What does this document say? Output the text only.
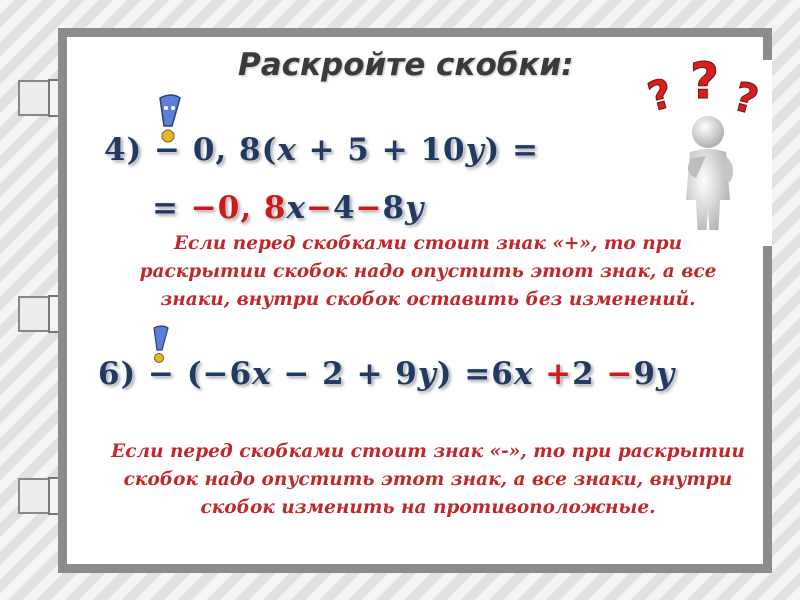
Раскройте скобки:
? ? ?
4) − 0, 8(x + 5 + 10y) =
= −0, 8x−4−8y
Если перед скобками стоит знак «+», то при раскрытии скобок надо опустить этот знак, а все знаки, внутри скобок оставить без изменений.
6) − (−6x − 2 + 9y) =6x +2 −9y
Если перед скобками стоит знак «-», то при раскрытии скобок надо опустить этот знак, а все знаки, внутри скобок изменить на противоположные.
